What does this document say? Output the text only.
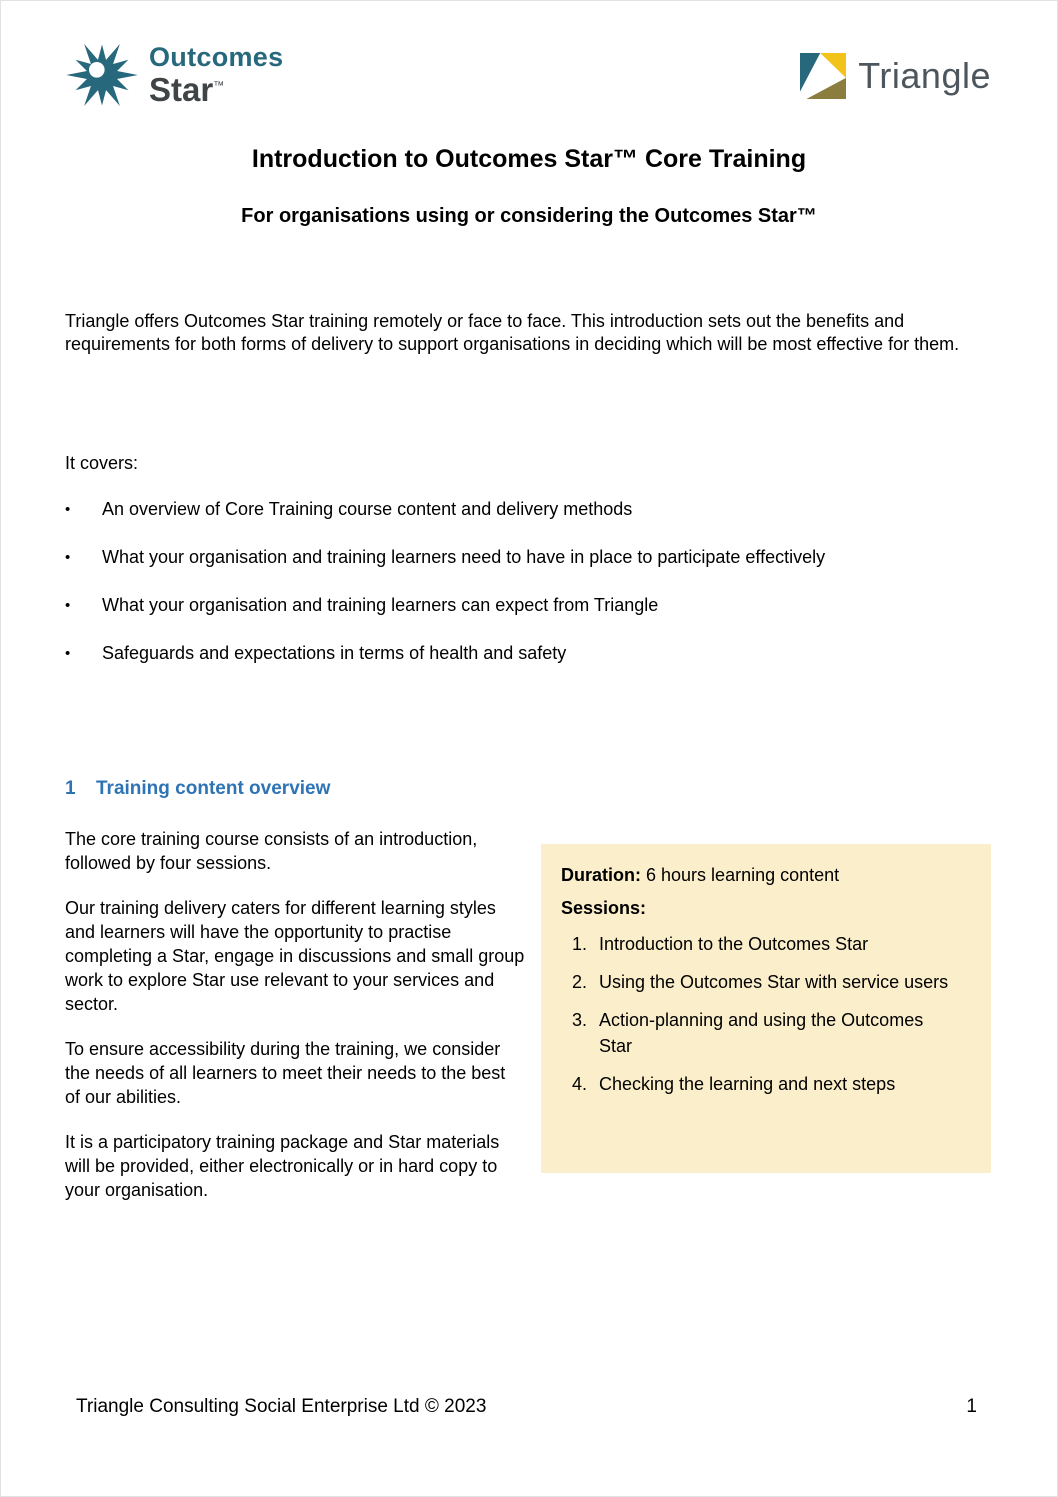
Outcomes
Star™	Triangle
Introduction to Outcomes Star™ Core Training
For organisations using or considering the Outcomes Star™
Triangle offers Outcomes Star training remotely or face to face. This introduction sets out the benefits and requirements for both forms of delivery to support organisations in deciding which will be most effective for them.
It covers:
•	An overview of Core Training course content and delivery methods
•	What your organisation and training learners need to have in place to participate effectively
•	What your organisation and training learners can expect from Triangle
•	Safeguards and expectations in terms of health and safety
1 Training content overview

The core training course consists of an introduction, followed by four sessions.

Our training delivery caters for different learning styles and learners will have the opportunity to practise completing a Star, engage in discussions and small group work to explore Star use relevant to your services and sector.

To ensure accessibility during the training, we consider the needs of all learners to meet their needs to the best of our abilities.

It is a participatory training package and Star materials will be provided, either electronically or in hard copy to your organisation.

Duration: 6 hours learning content
Sessions:
1. Introduction to the Outcomes Star
2. Using the Outcomes Star with service users
3. Action-planning and using the Outcomes Star
4. Checking the learning and next steps
Triangle Consulting Social Enterprise Ltd © 2023	1
